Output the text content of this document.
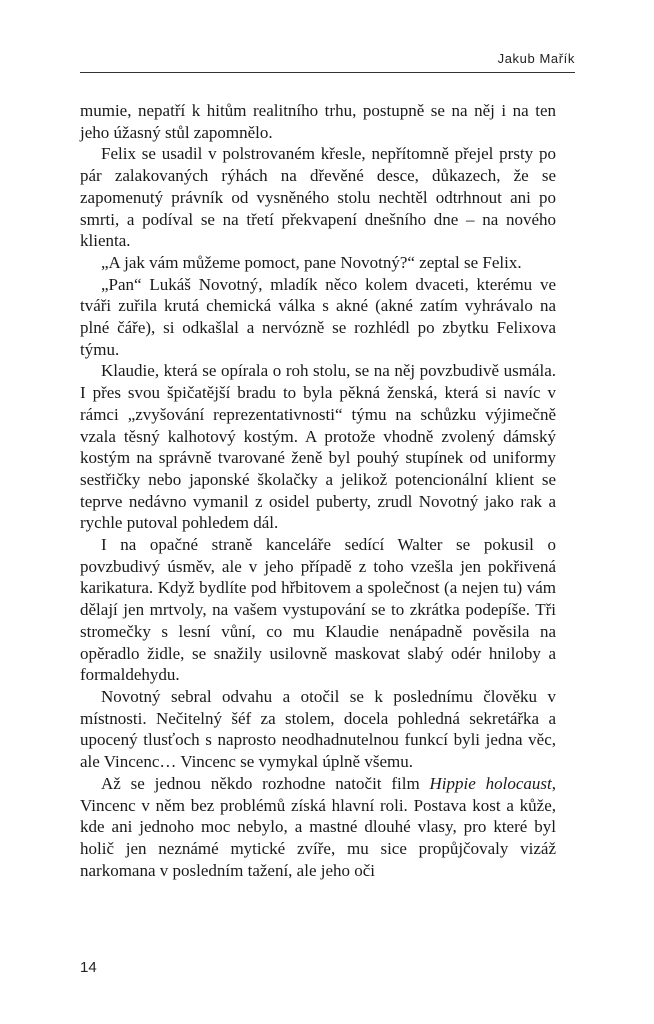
Jakub Mařík

mumie, nepatří k hitům realitního trhu, postupně se na něj i na ten jeho úžasný stůl zapomnělo.

Felix se usadil v polstrovaném křesle, nepřítomně přejel prsty po pár zalakovaných rýhách na dřevěné desce, důkazech, že se zapomenutý právník od vysněného stolu nechtěl odtrhnout ani po smrti, a podíval se na třetí překvapení dnešního dne – na nového klienta.

„A jak vám můžeme pomoct, pane Novotný?“ zeptal se Felix.

„Pan“ Lukáš Novotný, mladík něco kolem dvaceti, kterému ve tváři zuřila krutá chemická válka s akné (akné zatím vyhrávalo na plné čáře), si odkašlal a nervózně se rozhlédl po zbytku Felixova týmu.

Klaudie, která se opírala o roh stolu, se na něj povzbudivě usmála. I přes svou špičatější bradu to byla pěkná ženská, která si navíc v rámci „zvyšování reprezentativnosti“ týmu na schůzku výjimečně vzala těsný kalhotový kostým. A protože vhodně zvolený dámský kostým na správně tvarované ženě byl pouhý stupínek od uniformy sestřičky nebo japonské školačky a jelikož potencionální klient se teprve nedávno vymanil z osidel puberty, zrudl Novotný jako rak a rychle putoval pohledem dál.

I na opačné straně kanceláře sedící Walter se pokusil o povzbudivý úsměv, ale v jeho případě z toho vzešla jen pokřivená karikatura. Když bydlíte pod hřbitovem a společnost (a nejen tu) vám dělají jen mrtvoly, na vašem vystupování se to zkrátka podepíše. Tři stromečky s lesní vůní, co mu Klaudie nenápadně pověsila na opěradlo židle, se snažily usilovně maskovat slabý odér hniloby a formaldehydu.

Novotný sebral odvahu a otočil se k poslednímu člověku v místnosti. Nečitelný šéf za stolem, docela pohledná sekretářka a upocený tlusťoch s naprosto neodhadnutelnou funkcí byli jedna věc, ale Vincenc… Vincenc se vymykal úplně všemu.

Až se jednou někdo rozhodne natočit film Hippie holocaust, Vincenc v něm bez problémů získá hlavní roli. Postava kost a kůže, kde ani jednoho moc nebylo, a mastné dlouhé vlasy, pro které byl holič jen neznámé mytické zvíře, mu sice propůjčovaly vizáž narkomana v posledním tažení, ale jeho oči

14
